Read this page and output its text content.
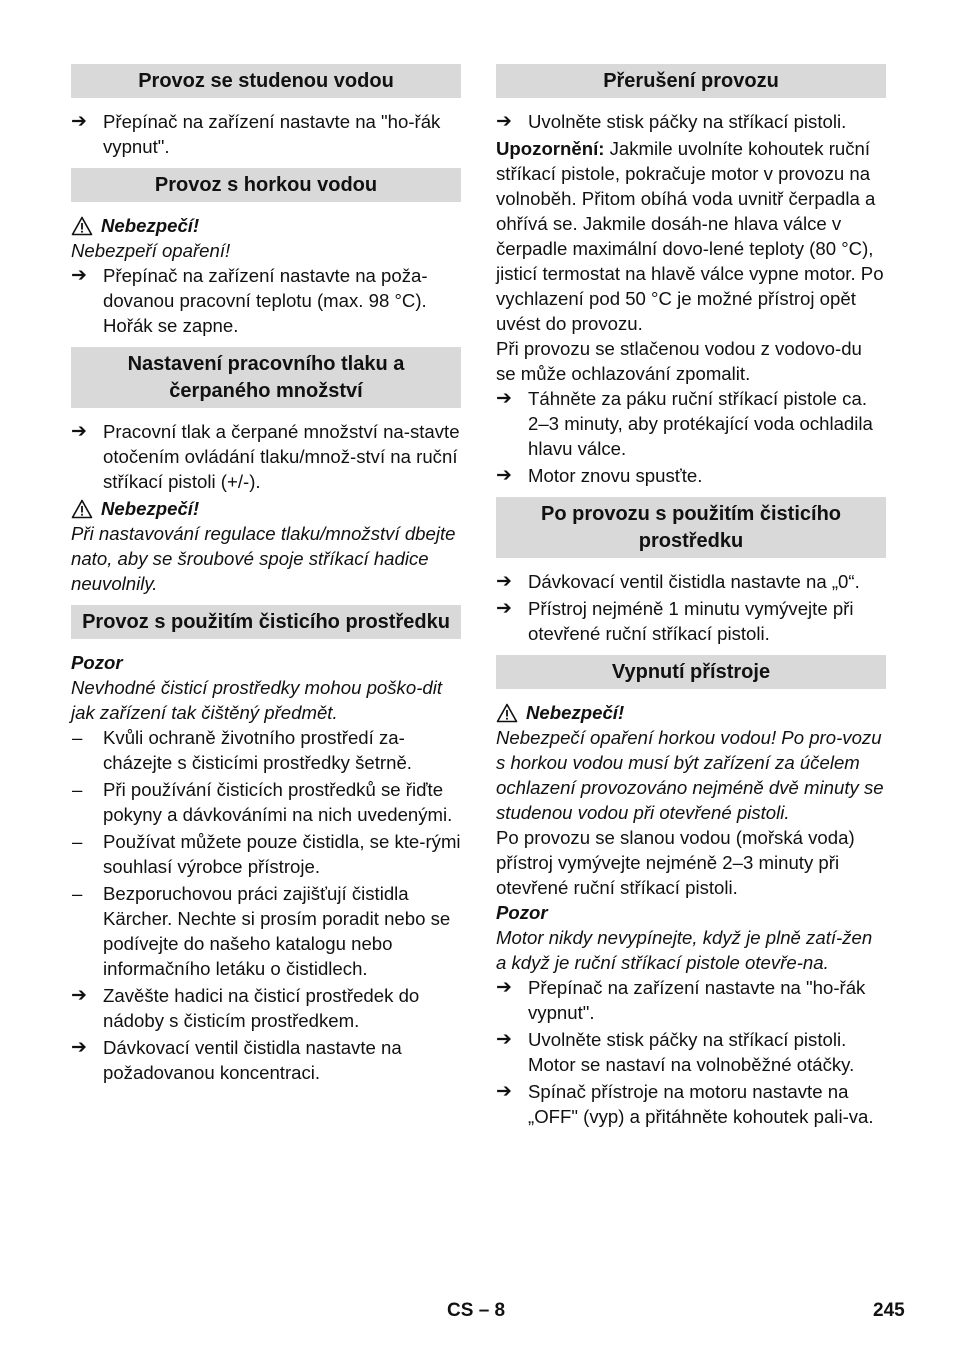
Provoz se studenou vodou
➔ Přepínač na zařízení nastavte na "ho-řák vypnut".
Provoz s horkou vodou
Nebezpečí!

Nebezpeří opaření!

➔ Přepínač na zařízení nastavte na poža-dovanou pracovní teplotu (max. 98 °C). Hořák se zapne.
Nastavení pracovního tlaku a čerpaného množství
➔ Pracovní tlak a čerpané množství na-stavte otočením ovládání tlaku/množ-ství na ruční stříkací pistoli (+/-).
Nebezpečí!

Při nastavování regulace tlaku/množství dbejte nato, aby se šroubové spoje stříkací hadice neuvolnily.

Provoz s použitím čisticího prostředku

Pozor

Nevhodné čisticí prostředky mohou poško-dit jak zařízení tak čištěný předmět.

–	Kvůli ochraně životního prostředí za-cházejte s čisticími prostředky šetrně.
–	Při používání čisticích prostředků se řiďte pokyny a dávkováními na nich uvedenými.
–	Používat můžete pouze čistidla, se kte-rými souhlasí výrobce přístroje.
–	Bezporuchovou práci zajišťují čistidla Kärcher. Nechte si prosím poradit nebo se podívejte do našeho katalogu nebo informačního letáku o čistidlech.
➔ Zavěšte hadici na čisticí prostředek do nádoby s čisticím prostředkem.
➔ Dávkovací ventil čistidla nastavte na požadovanou koncentraci.
Přerušení provozu
➔ Uvolněte stisk páčky na stříkací pistoli.

Upozornění: Jakmile uvolníte kohoutek ruční stříkací pistole, pokračuje motor v provozu na volnoběh. Přitom obíhá voda uvnitř čerpadla a ohřívá se. Jakmile dosáh-ne hlava válce v čerpadle maximální dovo-lené teploty (80 °C), jisticí termostat na hlavě válce vypne motor. Po vychlazení pod 50 °C je možné přístroj opět uvést do provozu.

Při provozu se stlačenou vodou z vodovo-du se může ochlazování zpomalit.

➔ Táhněte za páku ruční stříkací pistole ca. 2–3 minuty, aby protékající voda ochladila hlavu válce.
➔ Motor znovu spusťte.
Po provozu s použitím čisticího prostředku
➔ Dávkovací ventil čistidla nastavte na „0“.
➔ Přístroj nejméně 1 minutu vymývejte při otevřené ruční stříkací pistoli.
Vypnutí přístroje
Nebezpečí!

Nebezpečí opaření horkou vodou! Po pro-vozu s horkou vodou musí být zařízení za účelem ochlazení provozováno nejméně dvě minuty se studenou vodou při otevřené pistoli.

Po provozu se slanou vodou (mořská voda) přístroj vymývejte nejméně 2–3 minuty při otevřené ruční stříkací pistoli.

Pozor

Motor nikdy nevypínejte, když je plně zatí-žen a když je ruční stříkací pistole otevře-na.

➔ Přepínač na zařízení nastavte na "ho-řák vypnut".
➔ Uvolněte stisk páčky na stříkací pistoli.
Motor se nastaví na volnoběžné otáčky.
➔ Spínač přístroje na motoru nastavte na „OFF" (vyp) a přitáhněte kohoutek pali-va.
CS – 8	245
